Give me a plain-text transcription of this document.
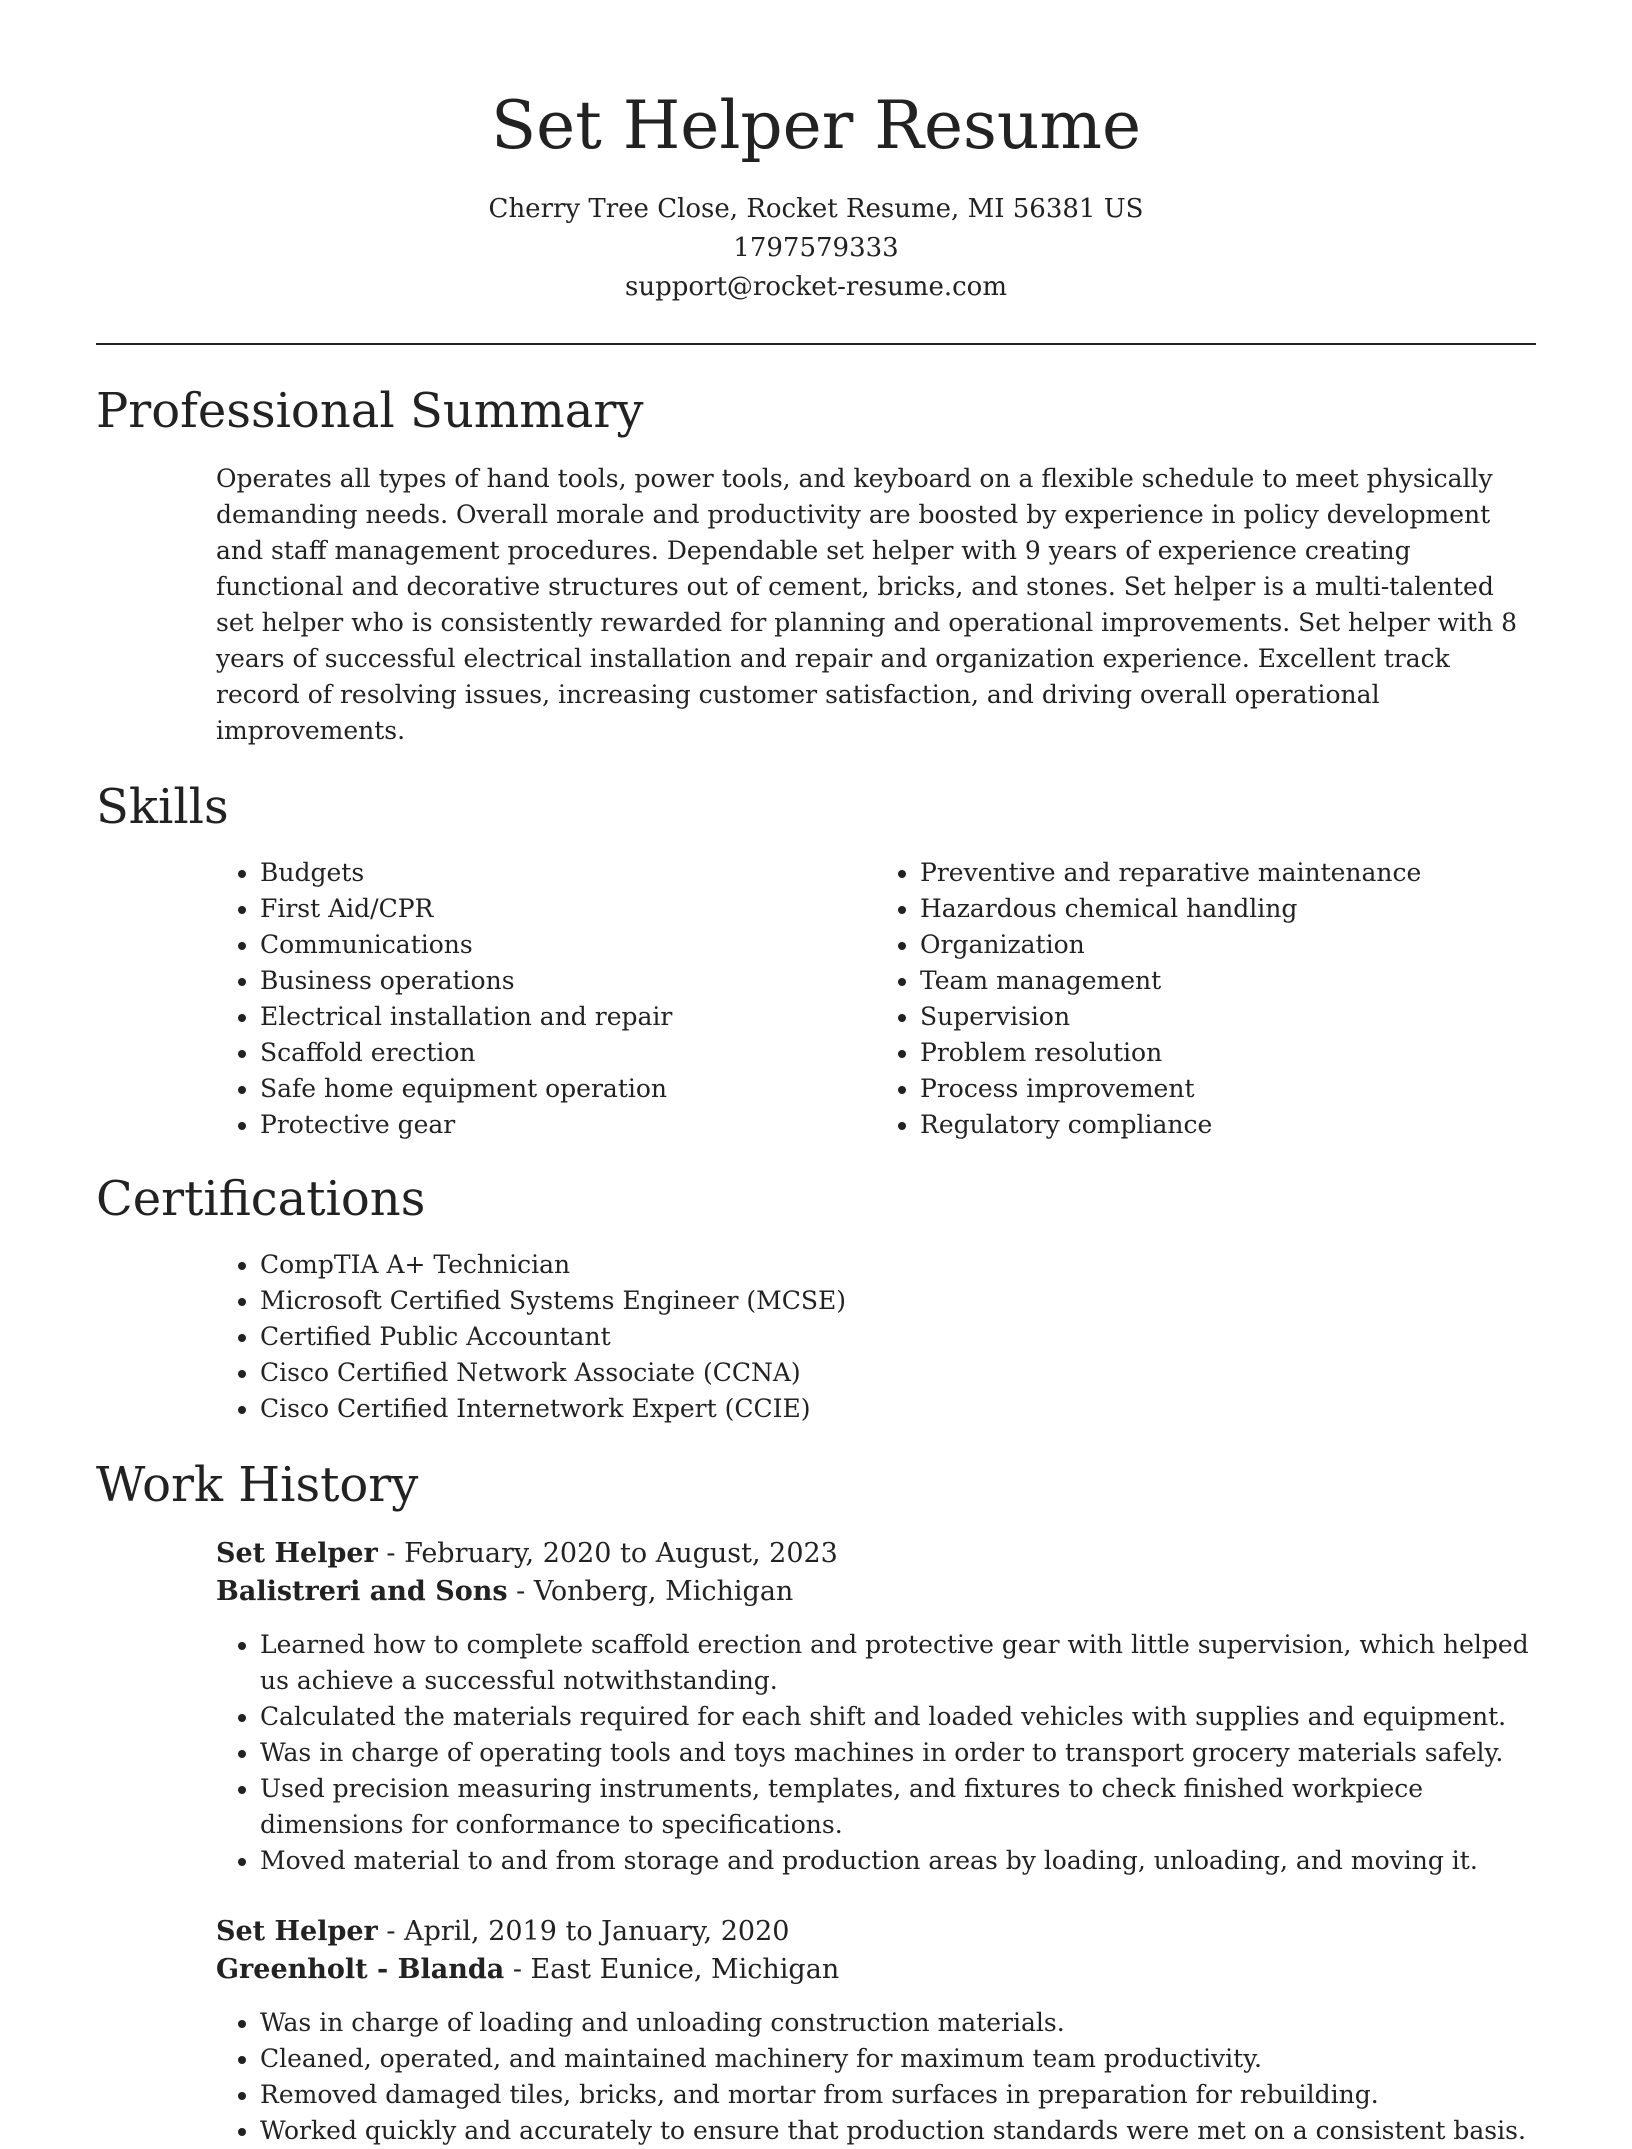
Set Helper Resume
Cherry Tree Close, Rocket Resume, MI 56381 US
1797579333
support@rocket-resume.com
Professional Summary

Operates all types of hand tools, power tools, and keyboard on a flexible schedule to meet physically demanding needs. Overall morale and productivity are boosted by experience in policy development and staff management procedures. Dependable set helper with 9 years of experience creating functional and decorative structures out of cement, bricks, and stones. Set helper is a multi-talented set helper who is consistently rewarded for planning and operational improvements. Set helper with 8 years of successful electrical installation and repair and organization experience. Excellent track record of resolving issues, increasing customer satisfaction, and driving overall operational improvements.

Skills
• Budgets
• First Aid/CPR
• Communications
• Business operations
• Electrical installation and repair
• Scaffold erection
• Safe home equipment operation
• Protective gear
• Preventive and reparative maintenance
• Hazardous chemical handling
• Organization
• Team management
• Supervision
• Problem resolution
• Process improvement
• Regulatory compliance
Certifications
• CompTIA A+ Technician
• Microsoft Certified Systems Engineer (MCSE)
• Certified Public Accountant
• Cisco Certified Network Associate (CCNA)
• Cisco Certified Internetwork Expert (CCIE)
Work History
Set Helper - February, 2020 to August, 2023
Balistreri and Sons - Vonberg, Michigan
• Learned how to complete scaffold erection and protective gear with little supervision, which helped us achieve a successful notwithstanding.
• Calculated the materials required for each shift and loaded vehicles with supplies and equipment.
• Was in charge of operating tools and toys machines in order to transport grocery materials safely.
• Used precision measuring instruments, templates, and fixtures to check finished workpiece dimensions for conformance to specifications.
• Moved material to and from storage and production areas by loading, unloading, and moving it.
Set Helper - April, 2019 to January, 2020
Greenholt - Blanda - East Eunice, Michigan
• Was in charge of loading and unloading construction materials.
• Cleaned, operated, and maintained machinery for maximum team productivity.
• Removed damaged tiles, bricks, and mortar from surfaces in preparation for rebuilding.
• Worked quickly and accurately to ensure that production standards were met on a consistent basis.
